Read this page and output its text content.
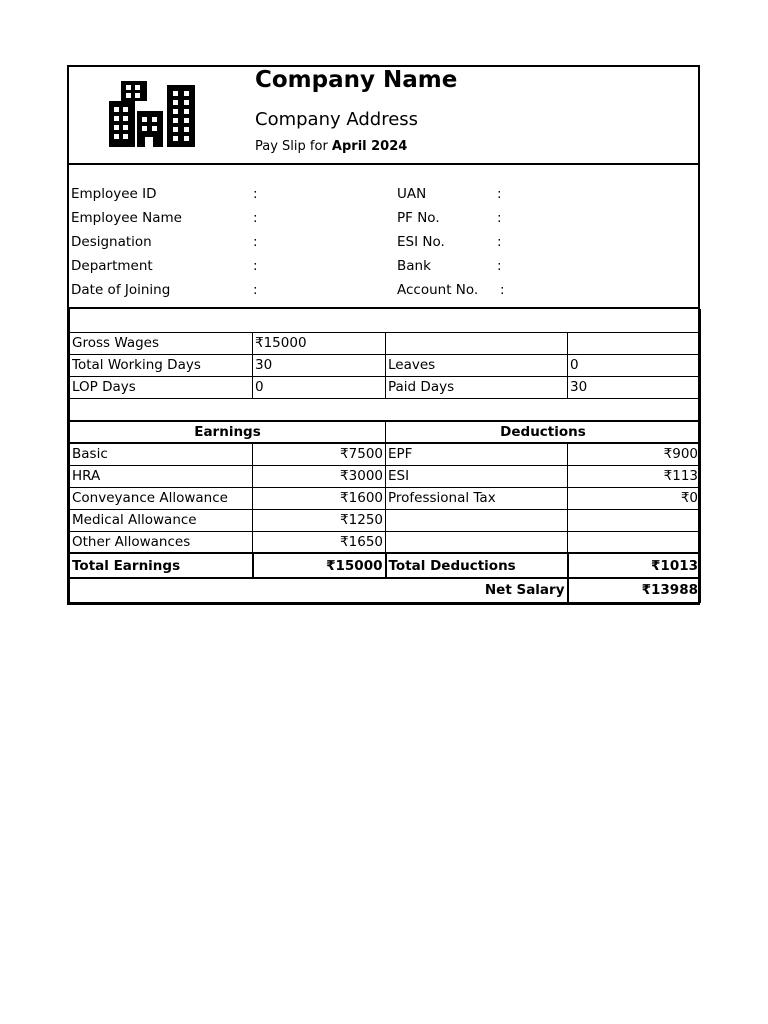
Company Name
Company Address
Pay Slip for April 2024
Employee ID	:	UAN	:
Employee Name	:	PF No.	:
Designation	:	ESI No.	:
Department	:	Bank	:
Date of Joining	:	Account No. :

Gross Wages	₹15000		
Total Working Days	30	Leaves	0
LOP Days	0	Paid Days	30

Earnings		Deductions	
Basic	₹7500	EPF	₹900
HRA	₹3000	ESI	₹113
Conveyance Allowance	₹1600	Professional Tax	₹0
Medical Allowance	₹1250		
Other Allowances	₹1650		
Total Earnings	₹15000	Total Deductions	₹1013
Net Salary			₹13988
